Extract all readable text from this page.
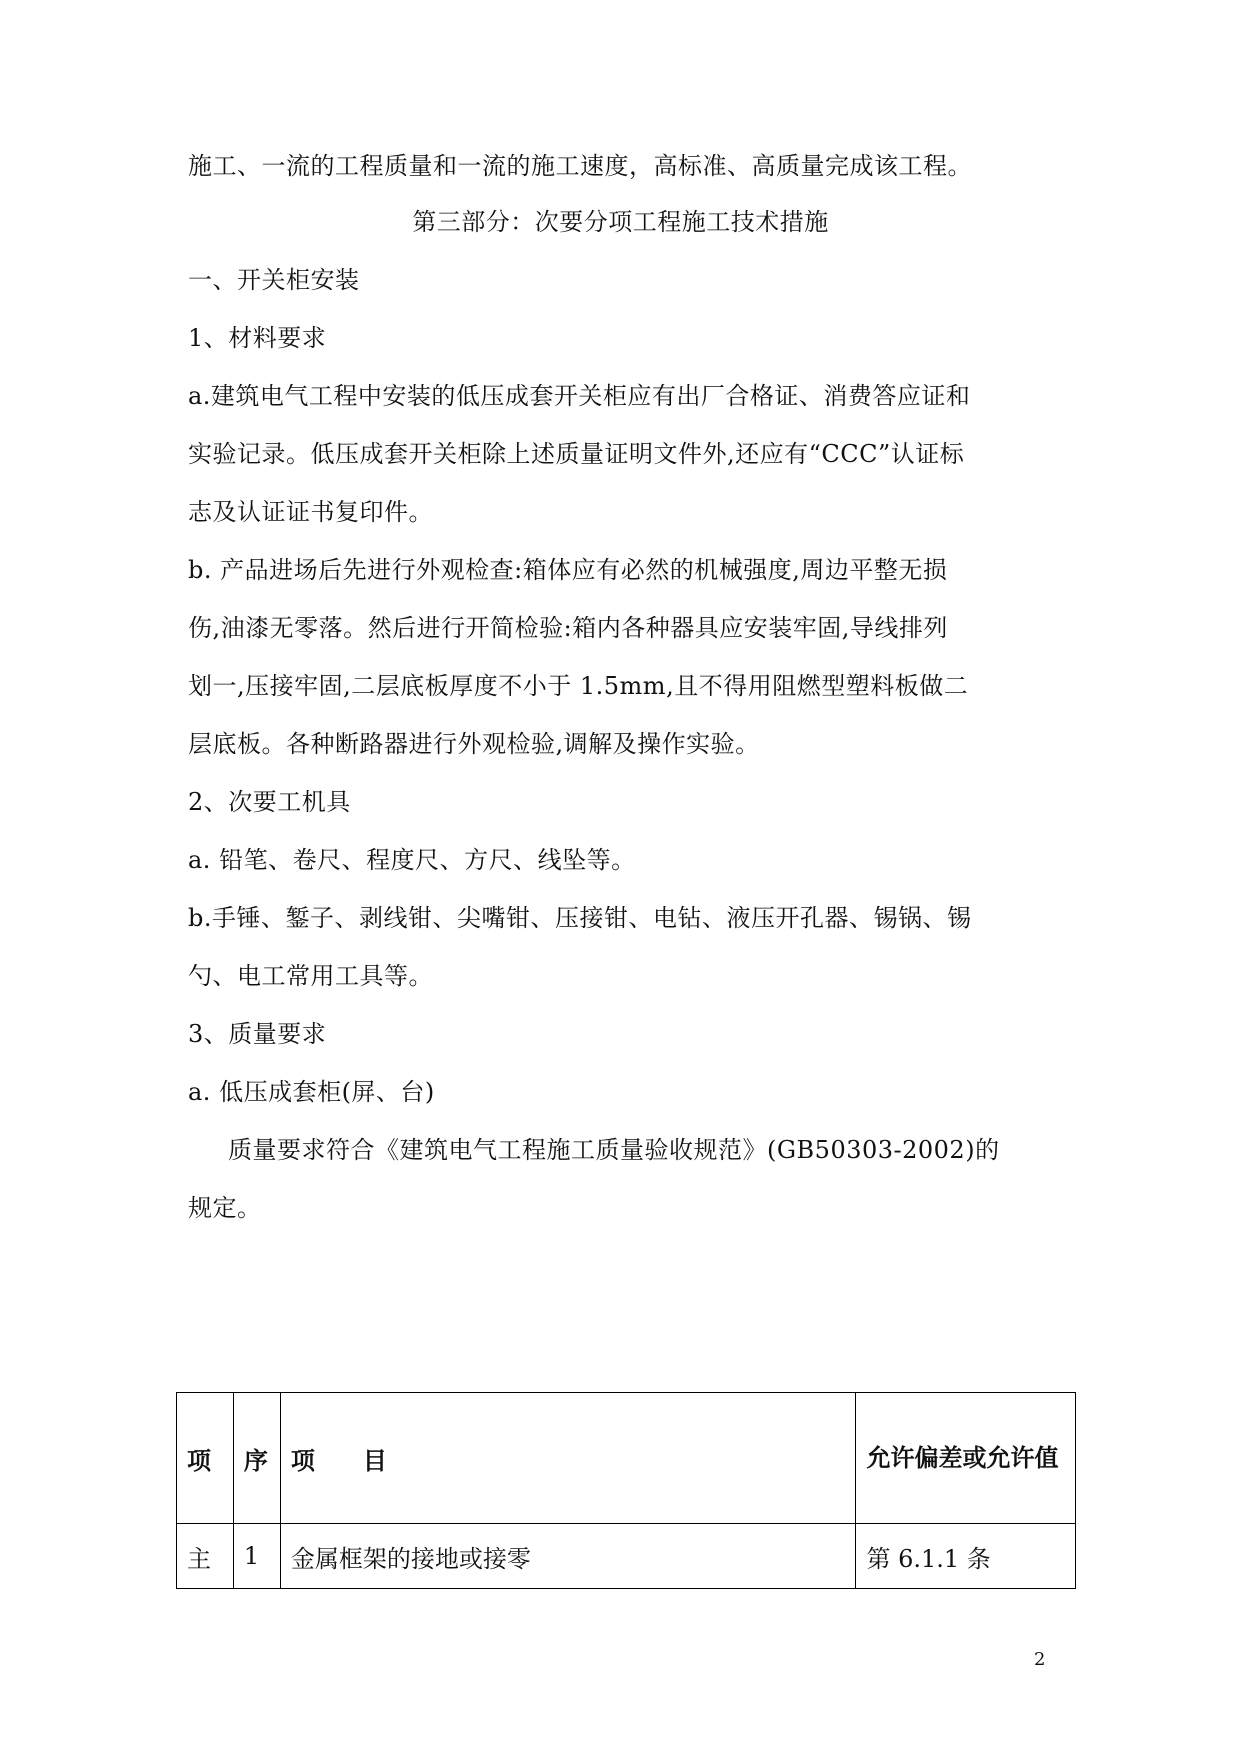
施工、一流的工程质量和一流的施工速度，高标准、高质量完成该工程。
第三部分：次要分项工程施工技术措施
一、开关柜安装
1、材料要求
a.建筑电气工程中安装的低压成套开关柜应有出厂合格证、消费答应证和
实验记录。低压成套开关柜除上述质量证明文件外,还应有“CCC”认证标
志及认证证书复印件。
b. 产品进场后先进行外观检查:箱体应有必然的机械强度,周边平整无损
伤,油漆无零落。然后进行开简检验:箱内各种器具应安装牢固,导线排列
划一,压接牢固,二层底板厚度不小于 1.5mm,且不得用阻燃型塑料板做二
层底板。各种断路器进行外观检验,调解及操作实验。
2、次要工机具
a. 铅笔、卷尺、程度尺、方尺、线坠等。
b.手锤、錾子、剥线钳、尖嘴钳、压接钳、电钻、液压开孔器、锡锅、锡
勺、电工常用工具等。
3、质量要求
a. 低压成套柜(屏、台)
质量要求符合《建筑电气工程施工质量验收规范》(GB50303-2002)的
规定。
项	序	项　　目	允许偏差或允许值
主	1	金属框架的接地或接零	第 6.1.1 条
2
